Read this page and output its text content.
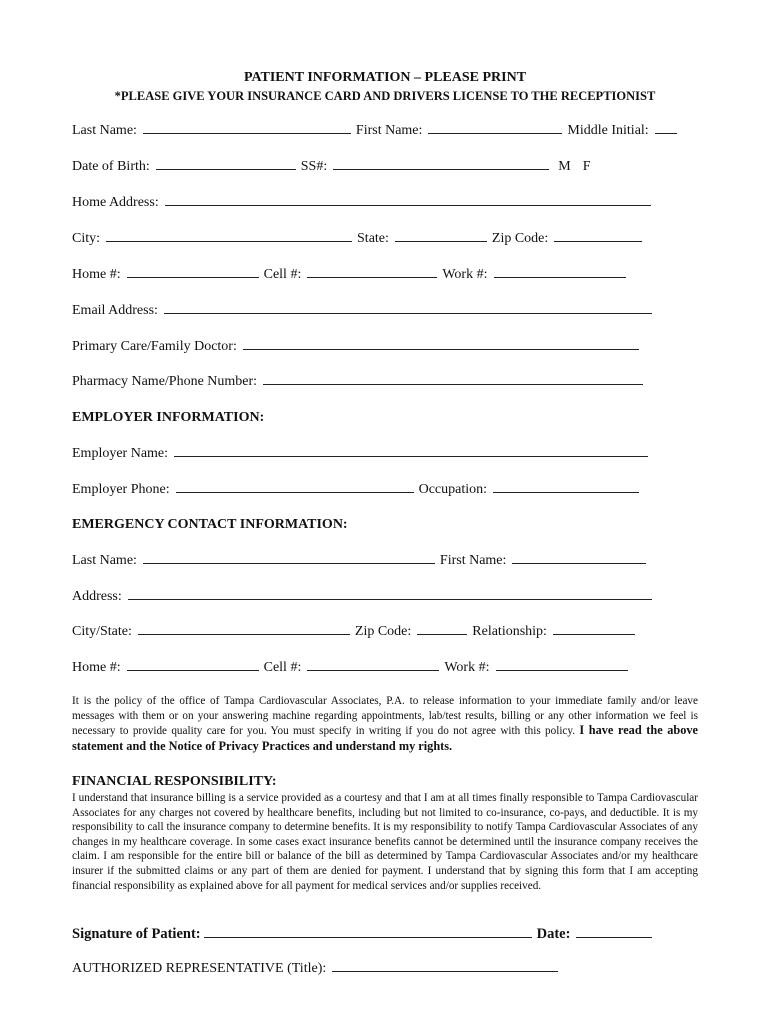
PATIENT INFORMATION – PLEASE PRINT
*PLEASE GIVE YOUR INSURANCE CARD AND DRIVERS LICENSE TO THE RECEPTIONIST
Last Name:	First Name:	Middle Initial:
Date of Birth:	SS#:	M F
Home Address:
City:	State:	Zip Code:
Home #:	Cell #:	Work #:
Email Address:
Primary Care/Family Doctor:
Pharmacy Name/Phone Number:
EMPLOYER INFORMATION:
Employer Name:
Employer Phone:	Occupation:
EMERGENCY CONTACT INFORMATION:
Last Name:	First Name:
Address:
City/State:	Zip Code:	Relationship:
Home #:	Cell #:	Work #:
It is the policy of the office of Tampa Cardiovascular Associates, P.A. to release information to your immediate family and/or leave messages with them or on your answering machine regarding appointments, lab/test results, billing or any other information we feel is necessary to provide quality care for you. You must specify in writing if you do not agree with this policy. I have read the above statement and the Notice of Privacy Practices and understand my rights.
FINANCIAL RESPONSIBILITY:
I understand that insurance billing is a service provided as a courtesy and that I am at all times finally responsible to Tampa Cardiovascular Associates for any charges not covered by healthcare benefits, including but not limited to co-insurance, co-pays, and deductible. It is my responsibility to call the insurance company to determine benefits. It is my responsibility to notify Tampa Cardiovascular Associates of any changes in my healthcare coverage. In some cases exact insurance benefits cannot be determined until the insurance company receives the claim. I am responsible for the entire bill or balance of the bill as determined by Tampa Cardiovascular Associates and/or my healthcare insurer if the submitted claims or any part of them are denied for payment. I understand that by signing this form that I am accepting financial responsibility as explained above for all payment for medical services and/or supplies received.
Signature of Patient:	Date:
AUTHORIZED REPRESENTATIVE (Title):
